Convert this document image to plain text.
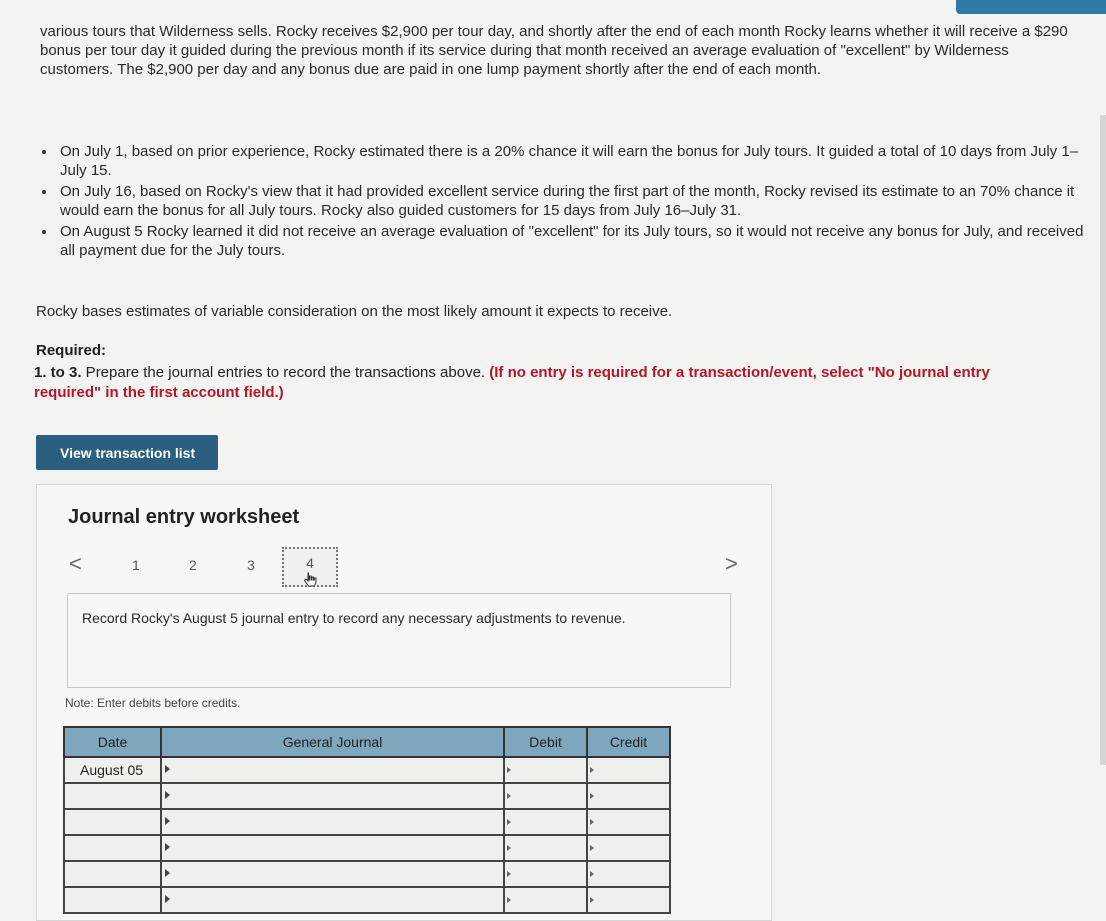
various tours that Wilderness sells. Rocky receives $2,900 per tour day, and shortly after the end of each month Rocky learns whether it will receive a $290 bonus per tour day it guided during the previous month if its service during that month received an average evaluation of "excellent" by Wilderness customers. The $2,900 per day and any bonus due are paid in one lump payment shortly after the end of each month.
On July 1, based on prior experience, Rocky estimated there is a 20% chance it will earn the bonus for July tours. It guided a total of 10 days from July 1–July 15.
On July 16, based on Rocky's view that it had provided excellent service during the first part of the month, Rocky revised its estimate to an 70% chance it would earn the bonus for all July tours. Rocky also guided customers for 15 days from July 16–July 31.
On August 5 Rocky learned it did not receive an average evaluation of "excellent" for its July tours, so it would not receive any bonus for July, and received all payment due for the July tours.
Rocky bases estimates of variable consideration on the most likely amount it expects to receive.
Required:
1. to 3. Prepare the journal entries to record the transactions above. (If no entry is required for a transaction/event, select "No journal entry required" in the first account field.)
View transaction list
Journal entry worksheet
<	1	2	3	4	>
Record Rocky's August 5 journal entry to record any necessary adjustments to revenue.
Note: Enter debits before credits.
Date	General Journal	Debit	Credit
August 05			
